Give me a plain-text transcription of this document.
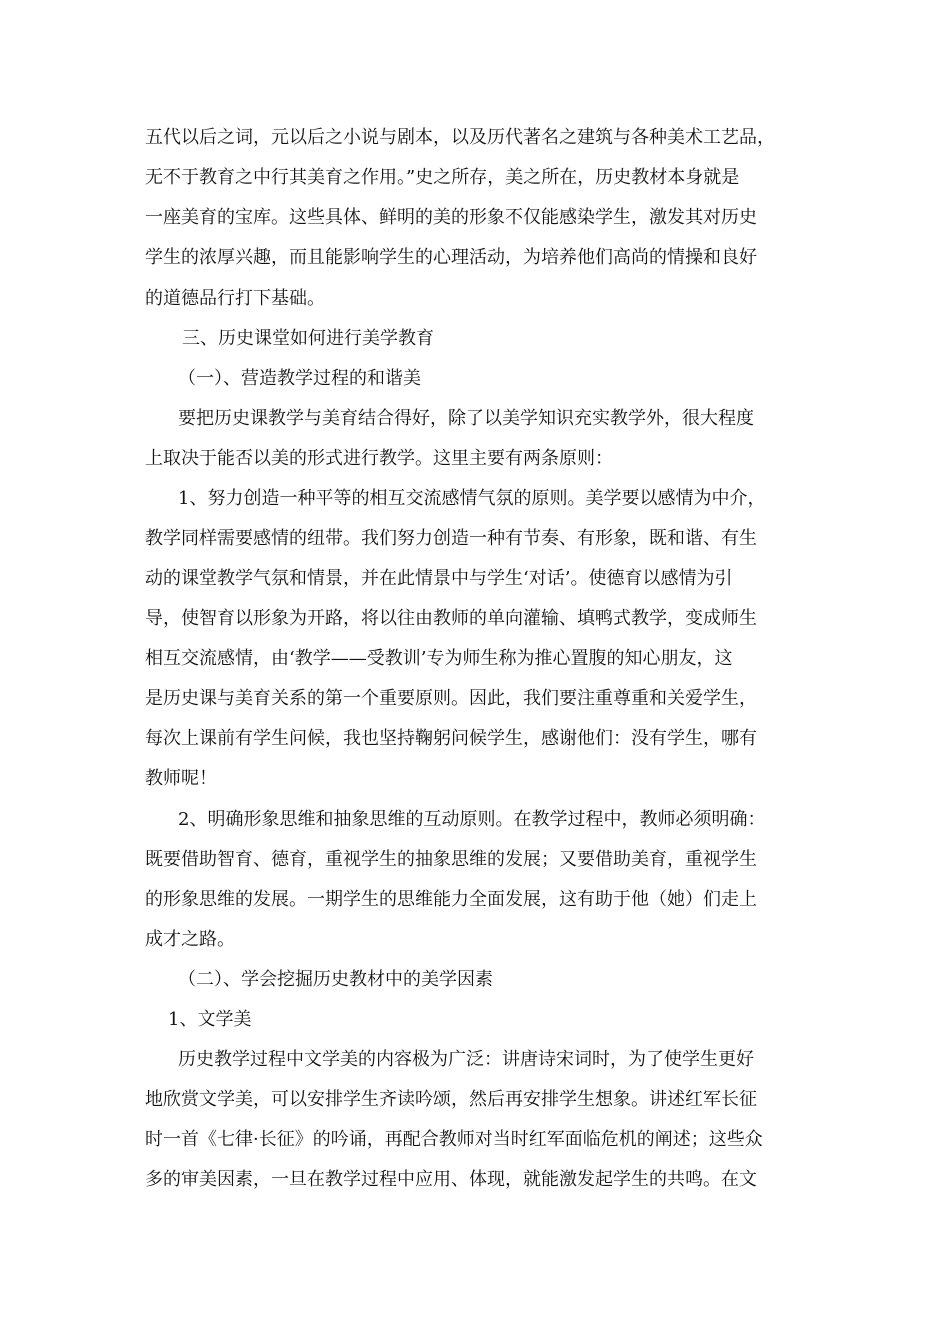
五代以后之词，元以后之小说与剧本，以及历代著名之建筑与各种美术工艺品，
无不于教育之中行其美育之作用。”史之所存，美之所在，历史教材本身就是
一座美育的宝库。这些具体、鲜明的美的形象不仅能感染学生，激发其对历史
学生的浓厚兴趣，而且能影响学生的心理活动，为培养他们高尚的情操和良好
的道德品行打下基础。
三、历史课堂如何进行美学教育
（一）、营造教学过程的和谐美
要把历史课教学与美育结合得好，除了以美学知识充实教学外，很大程度
上取决于能否以美的形式进行教学。这里主要有两条原则：
1、努力创造一种平等的相互交流感情气氛的原则。美学要以感情为中介，
教学同样需要感情的纽带。我们努力创造一种有节奏、有形象，既和谐、有生
动的课堂教学气氛和情景，并在此情景中与学生‘对话’。使德育以感情为引
导，使智育以形象为开路，将以往由教师的单向灌输、填鸭式教学，变成师生
相互交流感情，由‘教学——受教训’专为师生称为推心置腹的知心朋友，这
是历史课与美育关系的第一个重要原则。因此，我们要注重尊重和关爱学生，
每次上课前有学生问候，我也坚持鞠躬问候学生，感谢他们：没有学生，哪有
教师呢！
2、明确形象思维和抽象思维的互动原则。在教学过程中，教师必须明确：
既要借助智育、德育，重视学生的抽象思维的发展；又要借助美育，重视学生
的形象思维的发展。一期学生的思维能力全面发展，这有助于他（她）们走上
成才之路。
（二）、学会挖掘历史教材中的美学因素
1、文学美
历史教学过程中文学美的内容极为广泛：讲唐诗宋词时，为了使学生更好
地欣赏文学美，可以安排学生齐读吟颂，然后再安排学生想象。讲述红军长征
时一首《七律·长征》的吟诵，再配合教师对当时红军面临危机的阐述；这些众
多的审美因素，一旦在教学过程中应用、体现，就能激发起学生的共鸣。在文
